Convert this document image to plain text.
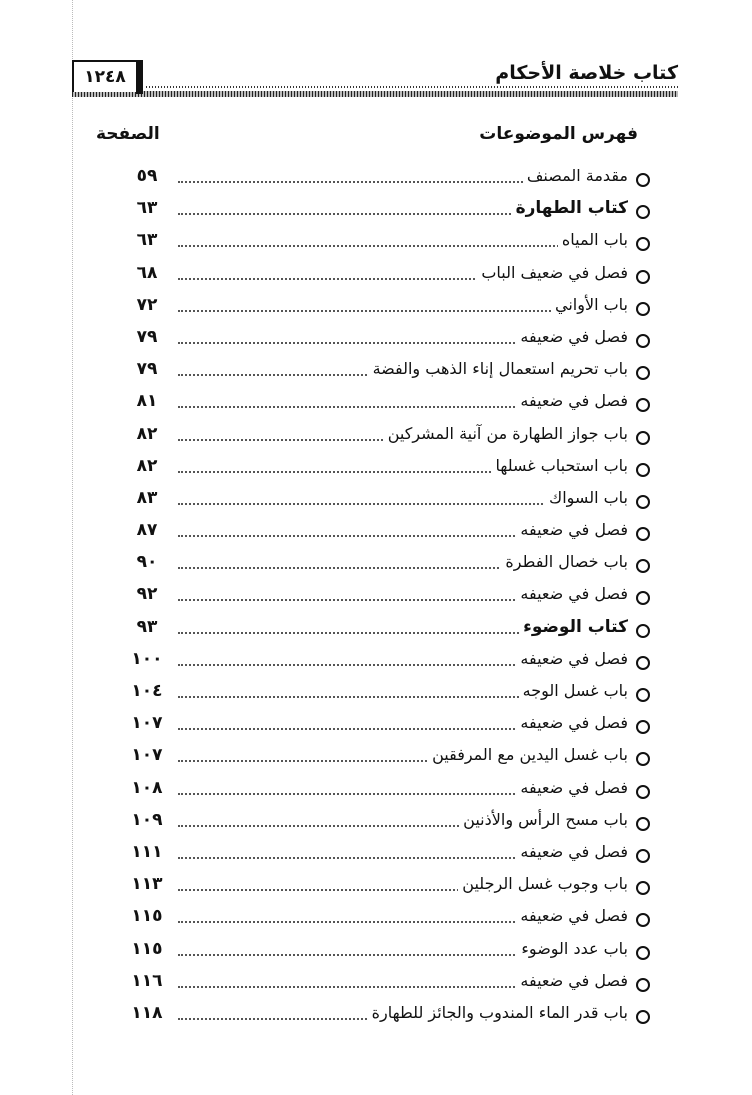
١٢٤٨	كتاب خلاصة الأحكام
فهرس الموضوعات
الصفحة
مقدمة المصنف
٥٩
كتاب الطهارة
٦٣
باب المياه
٦٣
فصل في ضعيف الباب
٦٨
باب الأواني
٧٢
فصل في ضعيفه
٧٩
باب تحريم استعمال إناء الذهب والفضة
٧٩
فصل في ضعيفه
٨١
باب جواز الطهارة من آنية المشركين
٨٢
باب استحباب غسلها
٨٢
باب السواك
٨٣
فصل في ضعيفه
٨٧
باب خصال الفطرة
٩٠
فصل في ضعيفه
٩٢
كتاب الوضوء
٩٣
فصل في ضعيفه
١٠٠
باب غسل الوجه
١٠٤
فصل في ضعيفه
١٠٧
باب غسل اليدين مع المرفقين
١٠٧
فصل في ضعيفه
١٠٨
باب مسح الرأس والأذنين
١٠٩
فصل في ضعيفه
١١١
باب وجوب غسل الرجلين
١١٣
فصل في ضعيفه
١١٥
باب عدد الوضوء
١١٥
فصل في ضعيفه
١١٦
باب قدر الماء المندوب والجائز للطهارة
١١٨
